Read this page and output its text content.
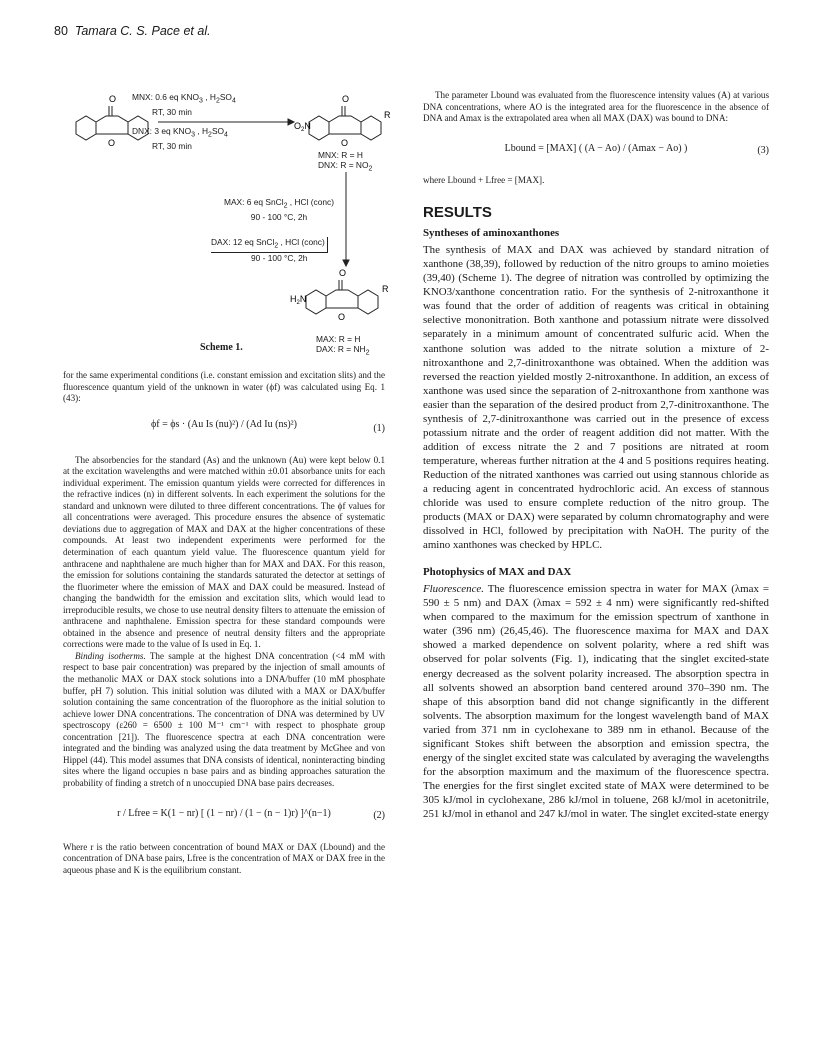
80 Tamara C. S. Pace et al.
O
O
O
O
$O_2N$
R
O
O
$H_2N$
R
MNX: 0.6 eq $KNO_3$ , $H_2SO_4$
RT, 30 min
DNX: 3 eq $KNO_3$ , $H_2SO_4$
RT, 30 min
MNX: R = H
DNX: $R = NO_2$
MAX: 6 eq SnCl$_2$ , HCl (conc)
90 - 100 °C, 2h
DAX: 12 eq SnCl$_2$ , HCl (conc)
90 - 100 °C, 2h
MAX: R = H
DAX: $R = NH_2$
Scheme 1.

for the same experimental conditions (i.e. constant emission and excitation slits) and the fluorescence quantum yield of the unknown in water (ϕf) was calculated using Eq. 1 (43):

ϕf = ϕs · (Au Is (nu)²) / (Ad Iu (ns)²)	(1)

The absorbencies for the standard (As) and the unknown (Au) were kept below 0.1 at the excitation wavelengths and were matched within ±0.01 absorbance units for each individual experiment. The emission quantum yields were corrected for differences in the refractive indices (n) in different solvents. In each experiment the solutions for the standard and unknown were diluted to three different concentrations. The ϕf values for all concentrations were averaged. This procedure ensures the absence of systematic deviations due to aggregation of MAX and DAX at the higher concentrations of these compounds. At least two independent experiments were performed for the determination of each quantum yield value. The fluorescence quantum yield for anthracene and naphthalene are much higher than for MAX and DAX. For this reason, the emission for solutions containing the standards saturated the detector at settings of the fluorimeter where the emission of MAX and DAX could be measured. Instead of changing the bandwidth for the emission and excitation slits, which would lead to irreproducible results, we chose to use neutral density filters to attenuate the emission of anthracene and naphthalene. Emission spectra for these standard compounds were obtained in the absence and presence of neutral density filters and the appropriate corrections were made to the value of Is used in Eq. 1.

Binding isotherms. The sample at the highest DNA concentration (<4 mM with respect to base pair concentration) was prepared by the injection of small amounts of the methanolic MAX or DAX stock solutions into a DNA/buffer (10 mM phosphate buffer, pH 7) solution. This initial solution was diluted with a MAX or DAX/buffer solution containing the same concentration of the fluorophore as the initial solution to achieve lower DNA concentrations. The concentration of DNA was determined by UV spectroscopy (ε260 = 6500 ± 100 M⁻¹ cm⁻¹ with respect to phosphate group concentration [21]). The fluorescence spectra at each DNA concentration were integrated and the binding was analyzed using the data treatment by McGhee and von Hippel (44). This model assumes that DNA consists of identical, noninteracting binding sites where the ligand occupies n base pairs and as binding approaches saturation the probability of finding a stretch of n unoccupied DNA base pairs decreases.

r / Lfree = K(1 − nr) [ (1 − nr) / (1 − (n − 1)r) ]^(n−1)	(2)

Where r is the ratio between concentration of bound MAX or DAX (Lbound) and the concentration of DNA base pairs, Lfree is the concentration of MAX or DAX free in the aqueous phase and K is the equilibrium constant.

The parameter Lbound was evaluated from the fluorescence intensity values (A) at various DNA concentrations, where AO is the integrated area for the fluorescence in the absence of DNA and Amax is the extrapolated area when all MAX (DAX) was bound to DNA:

Lbound = [MAX] ( (A − Ao) / (Amax − Ao) )	(3)

where Lbound + Lfree = [MAX].

RESULTS
Syntheses of aminoxanthones

The synthesis of MAX and DAX was achieved by standard nitration of xanthone (38,39), followed by reduction of the nitro groups to amino moieties (39,40) (Scheme 1). The degree of nitration was controlled by optimizing the KNO3/xanthone concentration ratio. For the synthesis of 2-nitroxanthone it was found that the order of addition of reagents was critical in obtaining selective mononitration. Both xanthone and potassium nitrate were dissolved separately in a minimum amount of concentrated sulfuric acid. When the xanthone solution was added to the nitrate solution a mixture of 2-nitroxanthone and 2,7-dinitroxanthone was obtained. When the addition was reversed the reaction yielded mostly 2-nitroxanthone. In addition, an excess of xanthone was used since the separation of 2-nitroxanthone from xanthone was easier than the separation of the desired product from 2,7-dinitroxanthone. The synthesis of 2,7-dinitroxanthone was carried out in the presence of excess potassium nitrate and the order of reagent addition did not matter. With the addition of excess nitrate the 2 and 7 positions are nitrated at room temperature, whereas further nitration at the 4 and 5 positions requires heating. Reduction of the nitrated xanthones was carried out using stannous chloride as a reducing agent in concentrated hydrochloric acid. An excess of stannous chloride was used to ensure complete reduction of the nitro group. The products (MAX or DAX) were separated by column chromatography and were dissolved in HCl, followed by precipitation with NaOH. The purity of the amino xanthones was checked by HPLC.

Photophysics of MAX and DAX

Fluorescence. The fluorescence emission spectra in water for MAX (λmax = 590 ± 5 nm) and DAX (λmax = 592 ± 4 nm) were significantly red-shifted when compared to the maximum for the emission spectrum of xanthone in water (396 nm) (26,45,46). The fluorescence maxima for MAX and DAX showed a marked dependence on solvent polarity, where a red shift was observed for polar solvents (Fig. 1), indicating that the singlet excited-state energy decreased as the solvent polarity increased. The absorption spectra in all solvents showed an absorption band centered around 370–390 nm. The shape of this absorption band did not change significantly in the different solvents. The absorption maximum for the longest wavelength band of MAX varied from 371 nm in cyclohexane to 389 nm in ethanol. Because of the significant Stokes shift between the absorption and emission spectra, the energy of the singlet excited state was calculated by averaging the wavelengths for the absorption maximum and the maximum of the fluorescence spectra. The energies for the first singlet excited state of MAX were determined to be 305 kJ/mol in cyclohexane, 286 kJ/mol in toluene, 268 kJ/mol in acetonitrile, 251 kJ/mol in ethanol and 247 kJ/mol in water. The singlet excited-state energy
